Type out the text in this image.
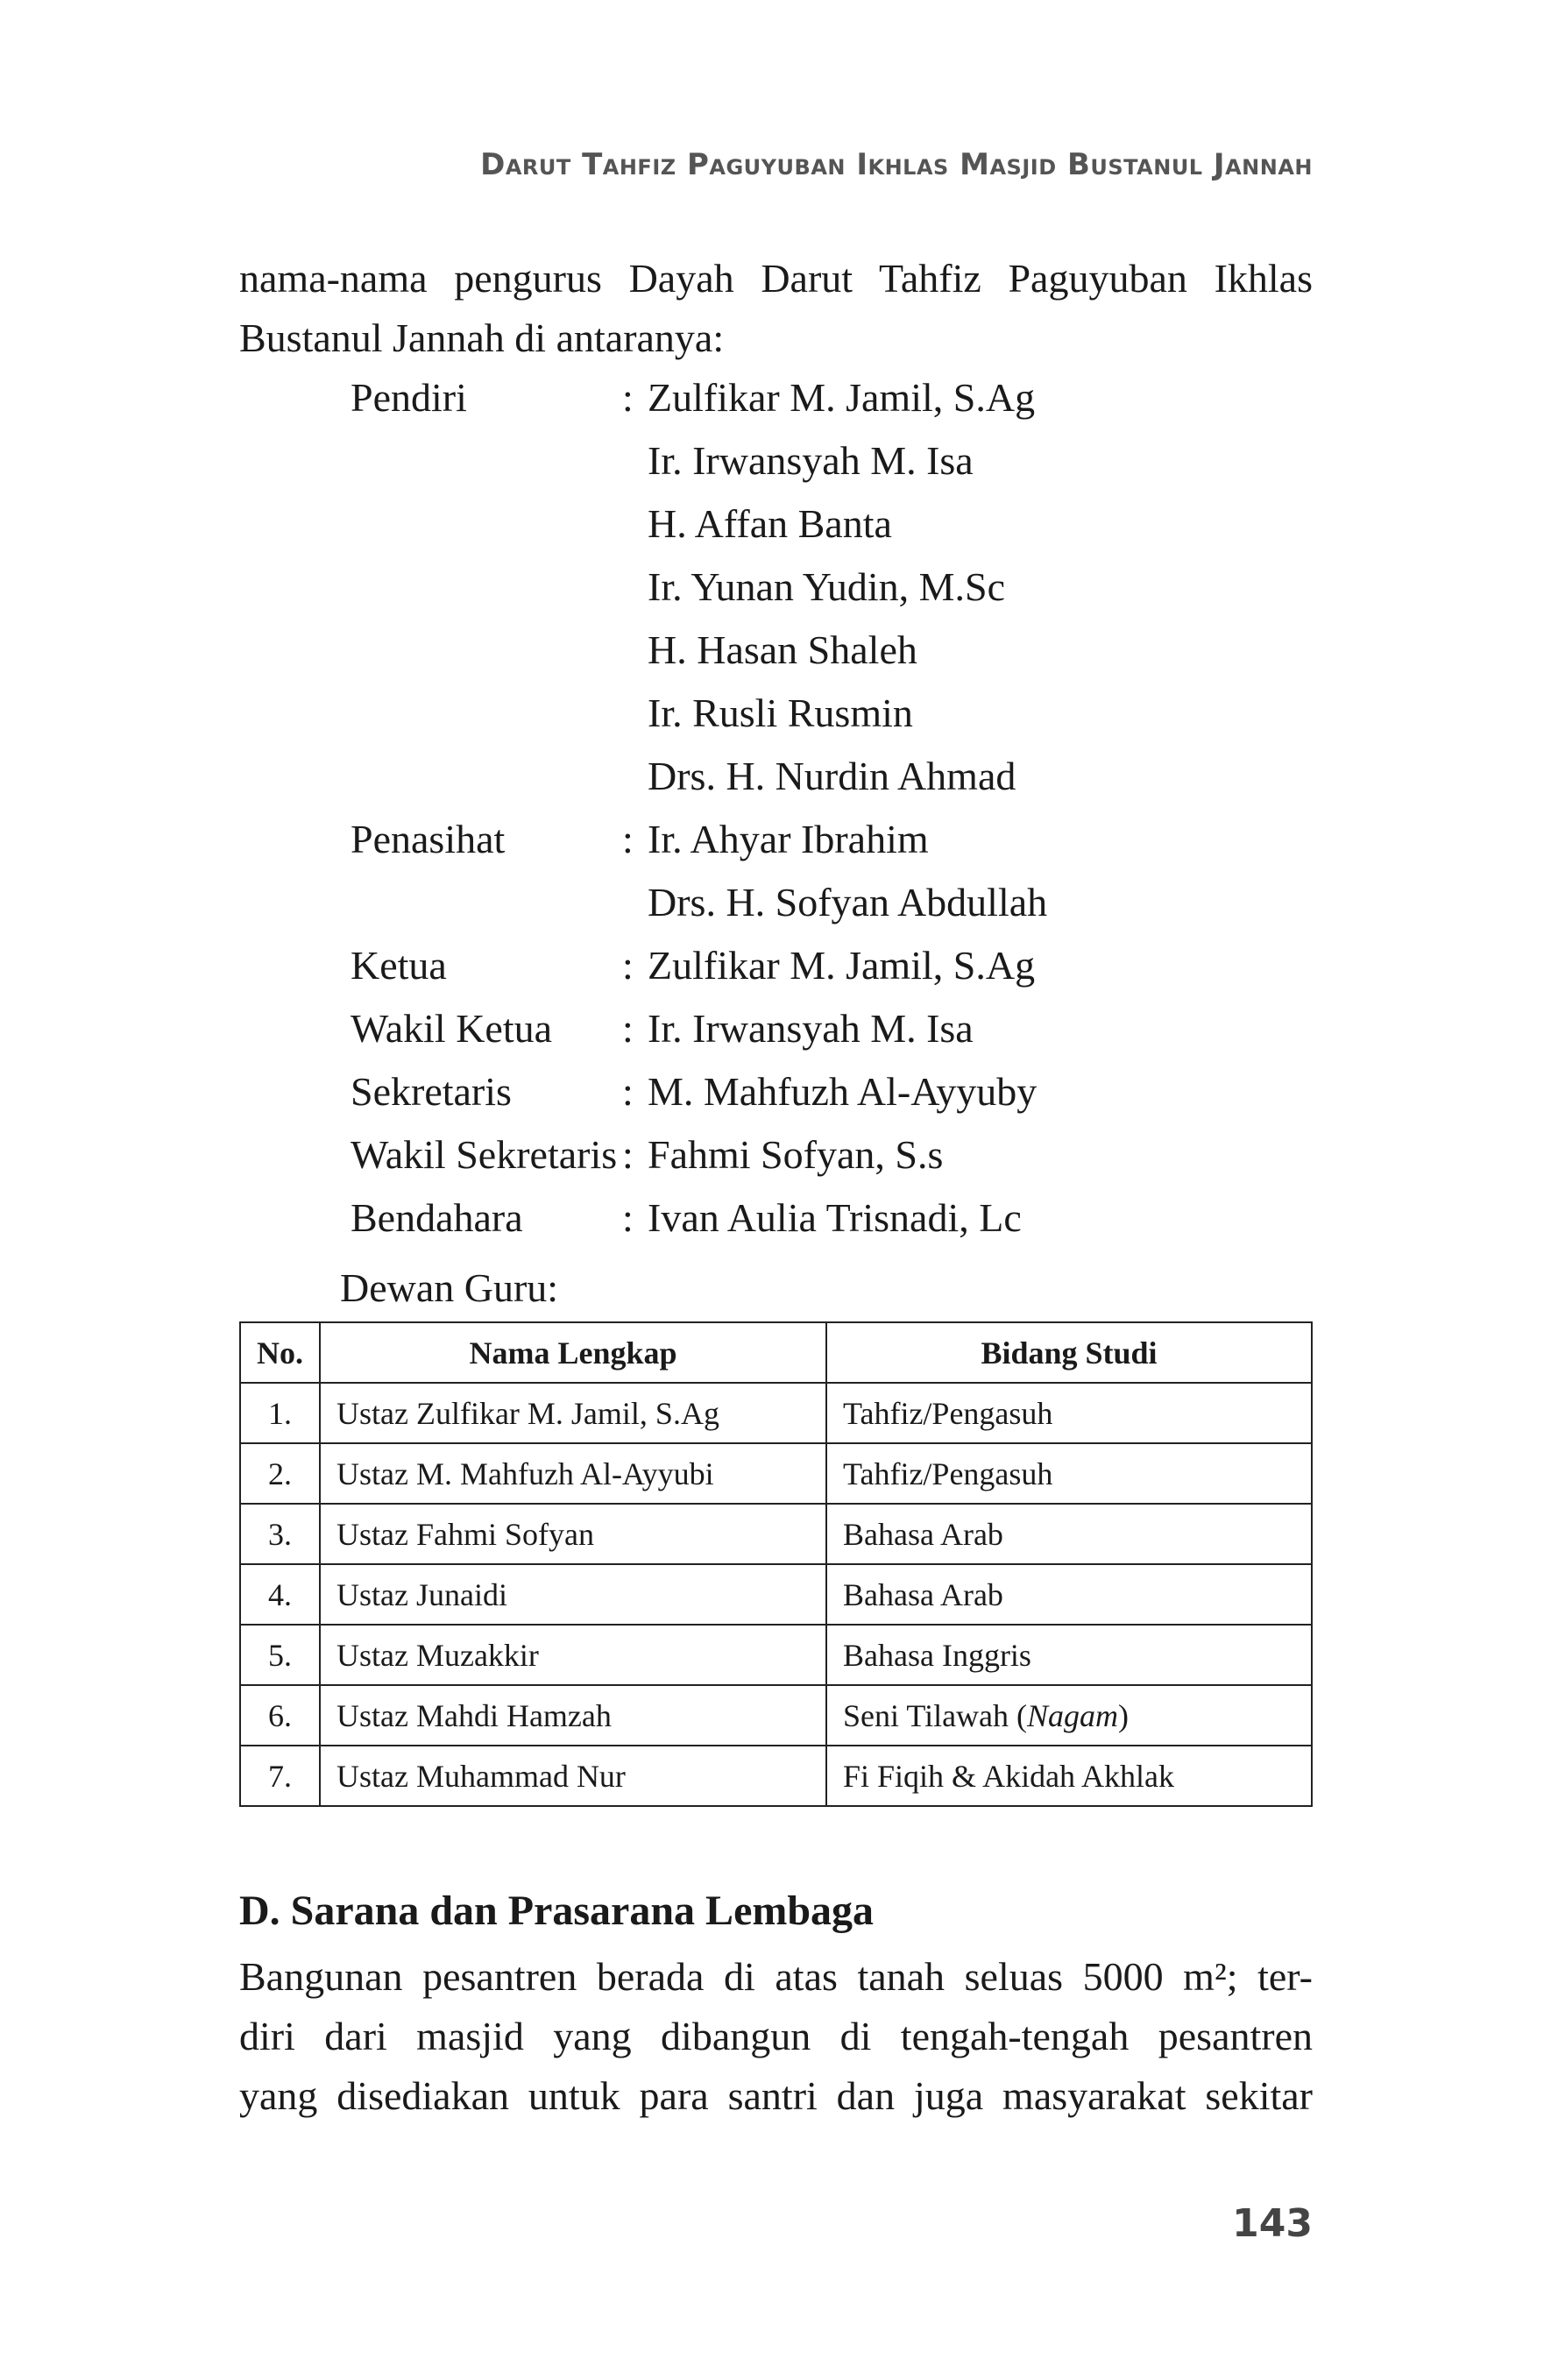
Darut Tahfiz Paguyuban Ikhlas Masjid Bustanul Jannah
nama-nama pengurus Dayah Darut Tahfiz Paguyuban Ikhlas
Bustanul Jannah di antaranya:
Pendiri	: Zulfikar M. Jamil, S.Ag
Ir. Irwansyah M. Isa
H. Affan Banta
Ir. Yunan Yudin, M.Sc
H. Hasan Shaleh
Ir. Rusli Rusmin
Drs. H. Nurdin Ahmad
Penasihat	: Ir. Ahyar Ibrahim
Drs. H. Sofyan Abdullah
Ketua	: Zulfikar M. Jamil, S.Ag
Wakil Ketua	: Ir. Irwansyah M. Isa
Sekretaris	: M. Mahfuzh Al-Ayyuby
Wakil Sekretaris : Fahmi Sofyan, S.s
Bendahara	: Ivan Aulia Trisnadi, Lc
Dewan Guru:
No.	Nama Lengkap	Bidang Studi
1.	Ustaz Zulfikar M. Jamil, S.Ag	Tahfiz/Pengasuh
2.	Ustaz M. Mahfuzh Al-Ayyubi	Tahfiz/Pengasuh
3.	Ustaz Fahmi Sofyan	Bahasa Arab
4.	Ustaz Junaidi	Bahasa Arab
5.	Ustaz Muzakkir	Bahasa Inggris
6.	Ustaz Mahdi Hamzah	Seni Tilawah (Nagam)
7.	Ustaz Muhammad Nur	Fi Fiqih & Akidah Akhlak
D. Sarana dan Prasarana Lembaga
Bangunan pesantren berada di atas tanah seluas 5000 m²; ter-
diri dari masjid yang dibangun di tengah-tengah pesantren
yang disediakan untuk para santri dan juga masyarakat sekitar
143
